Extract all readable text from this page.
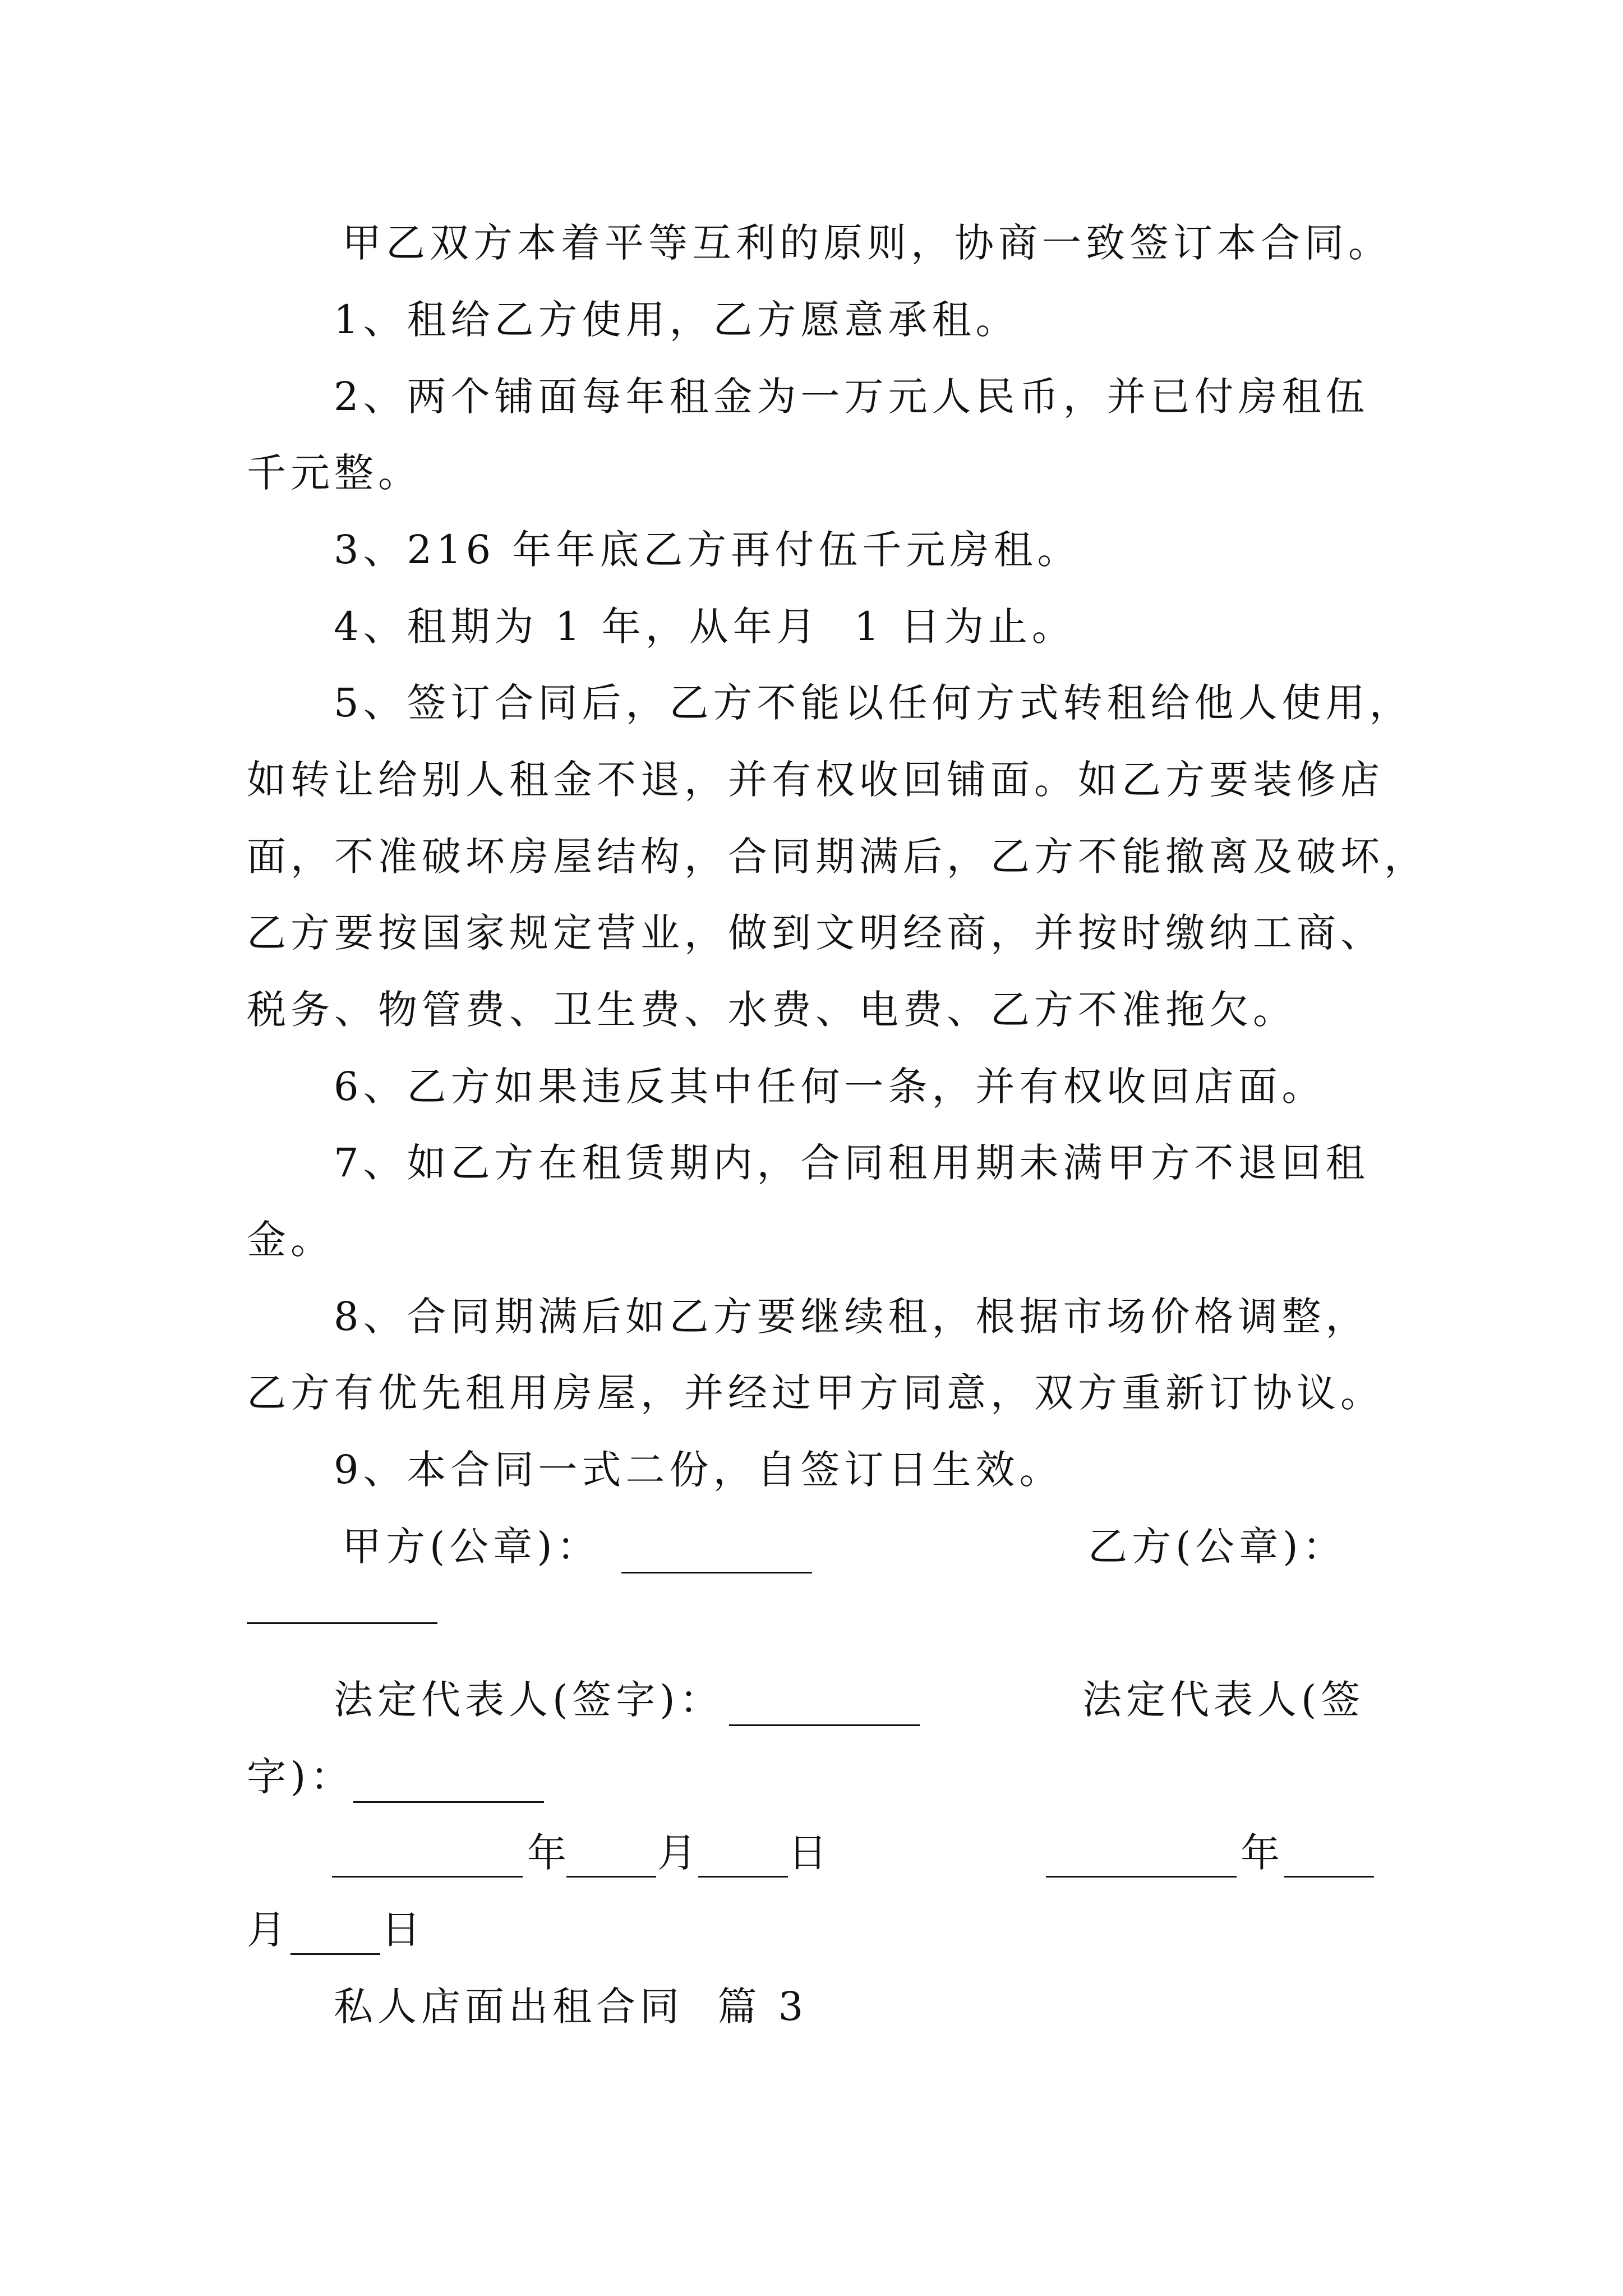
甲乙双方本着平等互利的原则，协商一致签订本合同。
1、租给乙方使用，乙方愿意承租。
2、两个铺面每年租金为一万元人民币，并已付房租伍
千元整。
3、216 年年底乙方再付伍千元房租。
4、租期为 1 年，从年月  1 日为止。
5、签订合同后，乙方不能以任何方式转租给他人使用，
如转让给别人租金不退，并有权收回铺面。如乙方要装修店
面，不准破坏房屋结构，合同期满后，乙方不能撤离及破坏，
乙方要按国家规定营业，做到文明经商，并按时缴纳工商、
税务、物管费、卫生费、水费、电费、乙方不准拖欠。
6、乙方如果违反其中任何一条，并有权收回店面。
7、如乙方在租赁期内，合同租用期未满甲方不退回租
金。
8、合同期满后如乙方要继续租，根据市场价格调整，
乙方有优先租用房屋，并经过甲方同意，双方重新订协议。
9、本合同一式二份，自签订日生效。
甲方(公章)：	乙方(公章)：
法定代表人(签字)：	法定代表人(签
字)：
年 月 日	年
月 日
私人店面出租合同  篇 3
